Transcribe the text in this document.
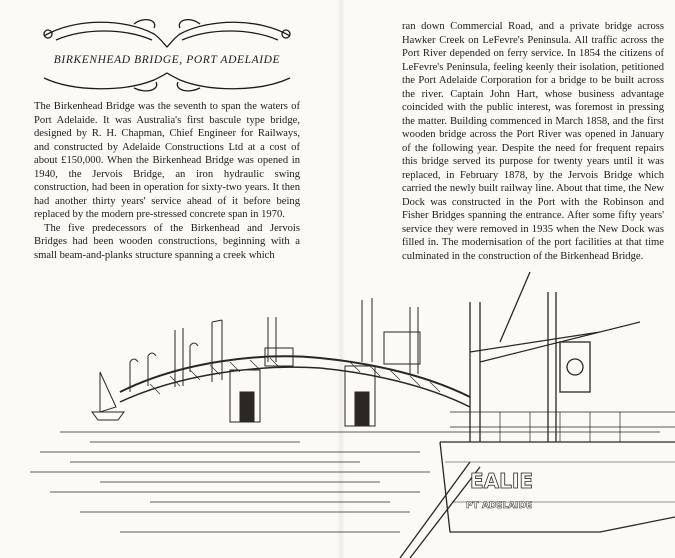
BIRKENHEAD BRIDGE, PORT ADELAIDE

The Birkenhead Bridge was the seventh to span the waters of Port Adelaide. It was Australia's first bascule type bridge, designed by R. H. Chapman, Chief Engineer for Railways, and constructed by Adelaide Constructions Ltd at a cost of about £150,000. When the Birkenhead Bridge was opened in 1940, the Jervois Bridge, an iron hydraulic swing construction, had been in operation for sixty-two years. It then had another thirty years' service ahead of it before being replaced by the modern pre-stressed concrete span in 1970.

The five predecessors of the Birkenhead and Jervois Bridges had been wooden constructions, beginning with a small beam-and-planks structure spanning a creek which

ran down Commercial Road, and a private bridge across Hawker Creek on LeFevre's Peninsula. All traffic across the Port River depended on ferry service. In 1854 the citizens of LeFevre's Peninsula, feeling keenly their isolation, petitioned the Port Adelaide Corporation for a bridge to be built across the river. Captain John Hart, whose business advantage coincided with the public interest, was foremost in pressing the matter. Building commenced in March 1858, and the first wooden bridge across the Port River was opened in January of the following year. Despite the need for frequent repairs this bridge served its purpose for twenty years until it was replaced, in February 1878, by the Jervois Bridge which carried the newly built railway line. About that time, the New Dock was constructed in the Port with the Robinson and Fisher Bridges spanning the entrance. After some fifty years' service they were removed in 1935 when the New Dock was filled in. The modernisation of the port facilities at that time culminated in the construction of the Birkenhead Bridge.

EALIE
PT ADELAIDE
